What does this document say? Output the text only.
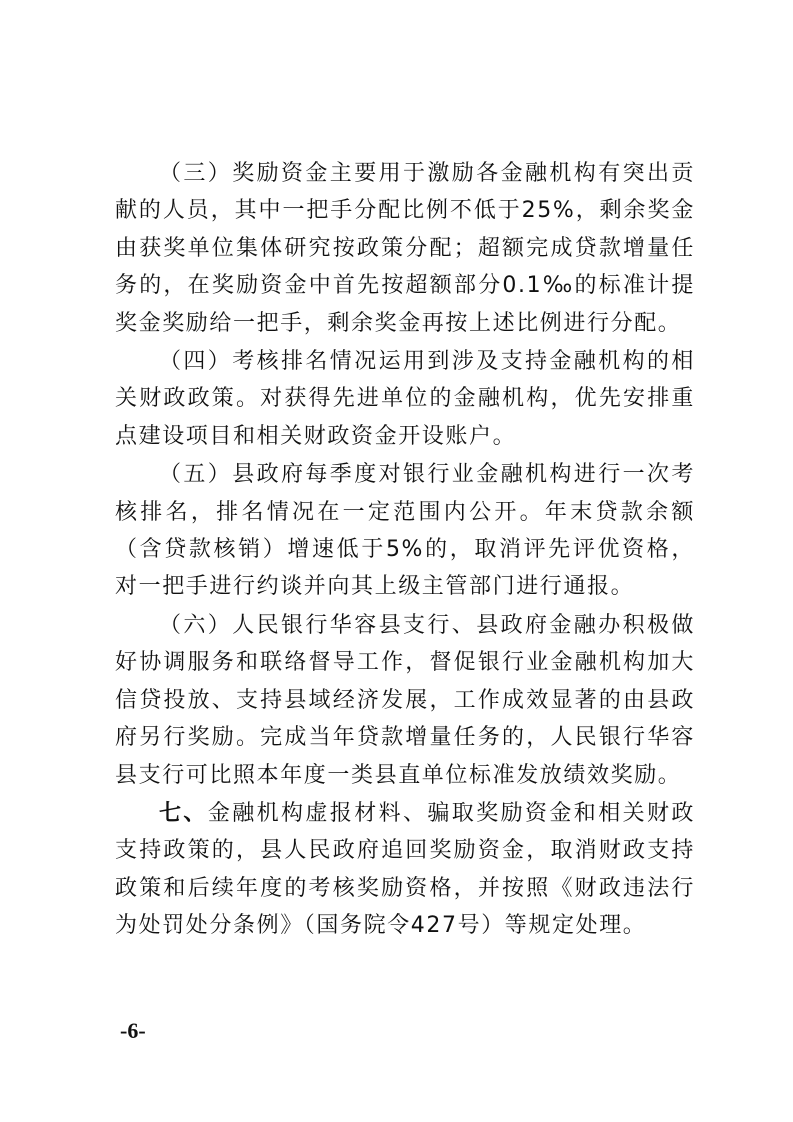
（三）奖励资金主要用于激励各金融机构有突出贡献的人员，其中一把手分配比例不低于25%，剩余奖金由获奖单位集体研究按政策分配；超额完成贷款增量任务的，在奖励资金中首先按超额部分0.1‰的标准计提奖金奖励给一把手，剩余奖金再按上述比例进行分配。

（四）考核排名情况运用到涉及支持金融机构的相关财政政策。对获得先进单位的金融机构，优先安排重点建设项目和相关财政资金开设账户。

（五）县政府每季度对银行业金融机构进行一次考核排名，排名情况在一定范围内公开。年末贷款余额（含贷款核销）增速低于5%的，取消评先评优资格，对一把手进行约谈并向其上级主管部门进行通报。

（六）人民银行华容县支行、县政府金融办积极做好协调服务和联络督导工作，督促银行业金融机构加大信贷投放、支持县域经济发展，工作成效显著的由县政府另行奖励。完成当年贷款增量任务的，人民银行华容县支行可比照本年度一类县直单位标准发放绩效奖励。

七、金融机构虚报材料、骗取奖励资金和相关财政支持政策的，县人民政府追回奖励资金，取消财政支持政策和后续年度的考核奖励资格，并按照《财政违法行为处罚处分条例》（国务院令427号）等规定处理。

-6-
